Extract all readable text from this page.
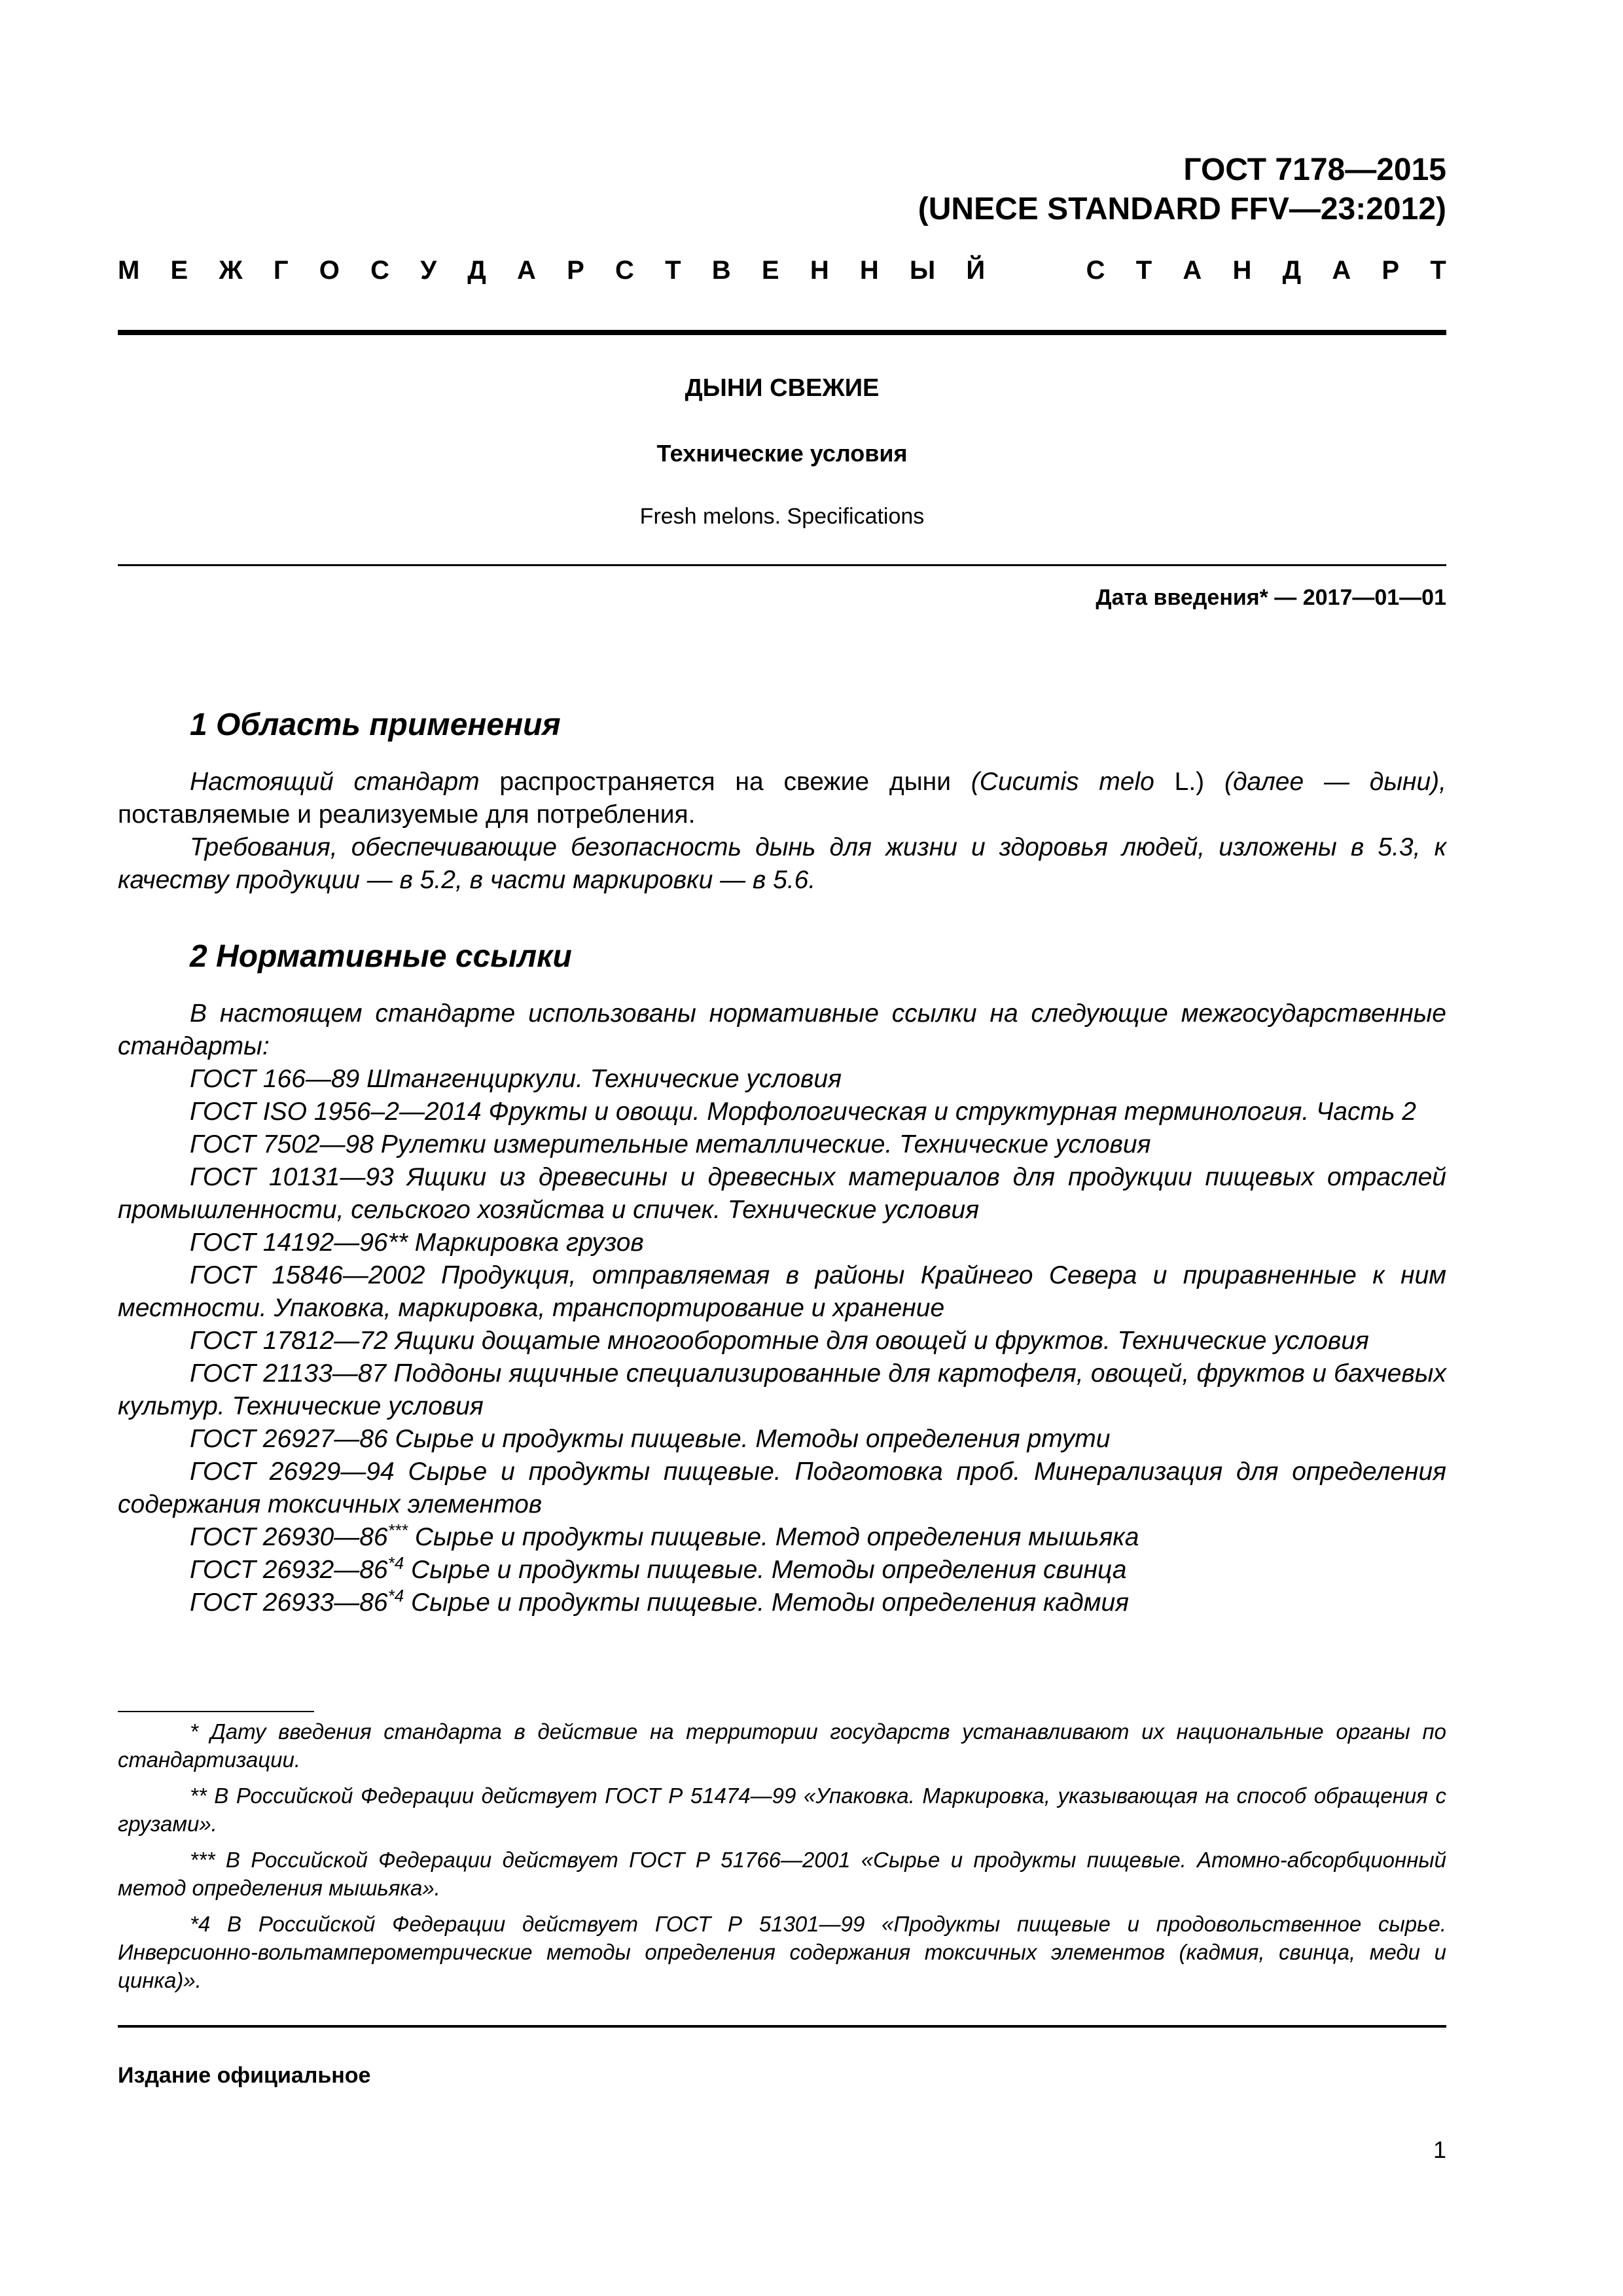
ГОСТ 7178—2015
(UNECE STANDARD FFV—23:2012)
М Е Ж Г О С У Д А Р С Т В Е Н Н Ы Й	С Т А Н Д А Р Т
ДЫНИ СВЕЖИЕ
Технические условия
Fresh melons. Specifications
Дата введения* — 2017—01—01
1 Область применения

Настоящий стандарт распространяется на свежие дыни (Cucumis melo L.) (далее — дыни), поставляемые и реализуемые для потребления.

Требования, обеспечивающие безопасность дынь для жизни и здоровья людей, изложены в 5.3, к качеству продукции — в 5.2, в части маркировки — в 5.6.

2 Нормативные ссылки

В настоящем стандарте использованы нормативные ссылки на следующие межгосударственные стандарты:

ГОСТ 166—89 Штангенциркули. Технические условия

ГОСТ ISO 1956–2—2014 Фрукты и овощи. Морфологическая и структурная терминология. Часть 2

ГОСТ 7502—98 Рулетки измерительные металлические. Технические условия

ГОСТ 10131—93 Ящики из древесины и древесных материалов для продукции пищевых отраслей промышленности, сельского хозяйства и спичек. Технические условия

ГОСТ 14192—96** Маркировка грузов

ГОСТ 15846—2002 Продукция, отправляемая в районы Крайнего Севера и приравненные к ним местности. Упаковка, маркировка, транспортирование и хранение

ГОСТ 17812—72 Ящики дощатые многооборотные для овощей и фруктов. Технические условия

ГОСТ 21133—87 Поддоны ящичные специализированные для картофеля, овощей, фруктов и бахчевых культур. Технические условия

ГОСТ 26927—86 Сырье и продукты пищевые. Методы определения ртути

ГОСТ 26929—94 Сырье и продукты пищевые. Подготовка проб. Минерализация для определения содержания токсичных элементов

ГОСТ 26930—86*** Сырье и продукты пищевые. Метод определения мышьяка

ГОСТ 26932—86$^{*4}$ Сырье и продукты пищевые. Методы определения свинца

ГОСТ 26933—86$^{*4}$ Сырье и продукты пищевые. Методы определения кадмия

* Дату введения стандарта в действие на территории государств устанавливают их национальные органы по стандартизации.

** В Российской Федерации действует ГОСТ Р 51474—99 «Упаковка. Маркировка, указывающая на способ обращения с грузами».

*** В Российской Федерации действует ГОСТ Р 51766—2001 «Сырье и продукты пищевые. Атомно-абсорбционный метод определения мышьяка».

*4 В Российской Федерации действует ГОСТ Р 51301—99 «Продукты пищевые и продовольственное сырье. Инверсионно-вольтамперометрические методы определения содержания токсичных элементов (кадмия, свинца, меди и цинка)».

Издание официальное
1
